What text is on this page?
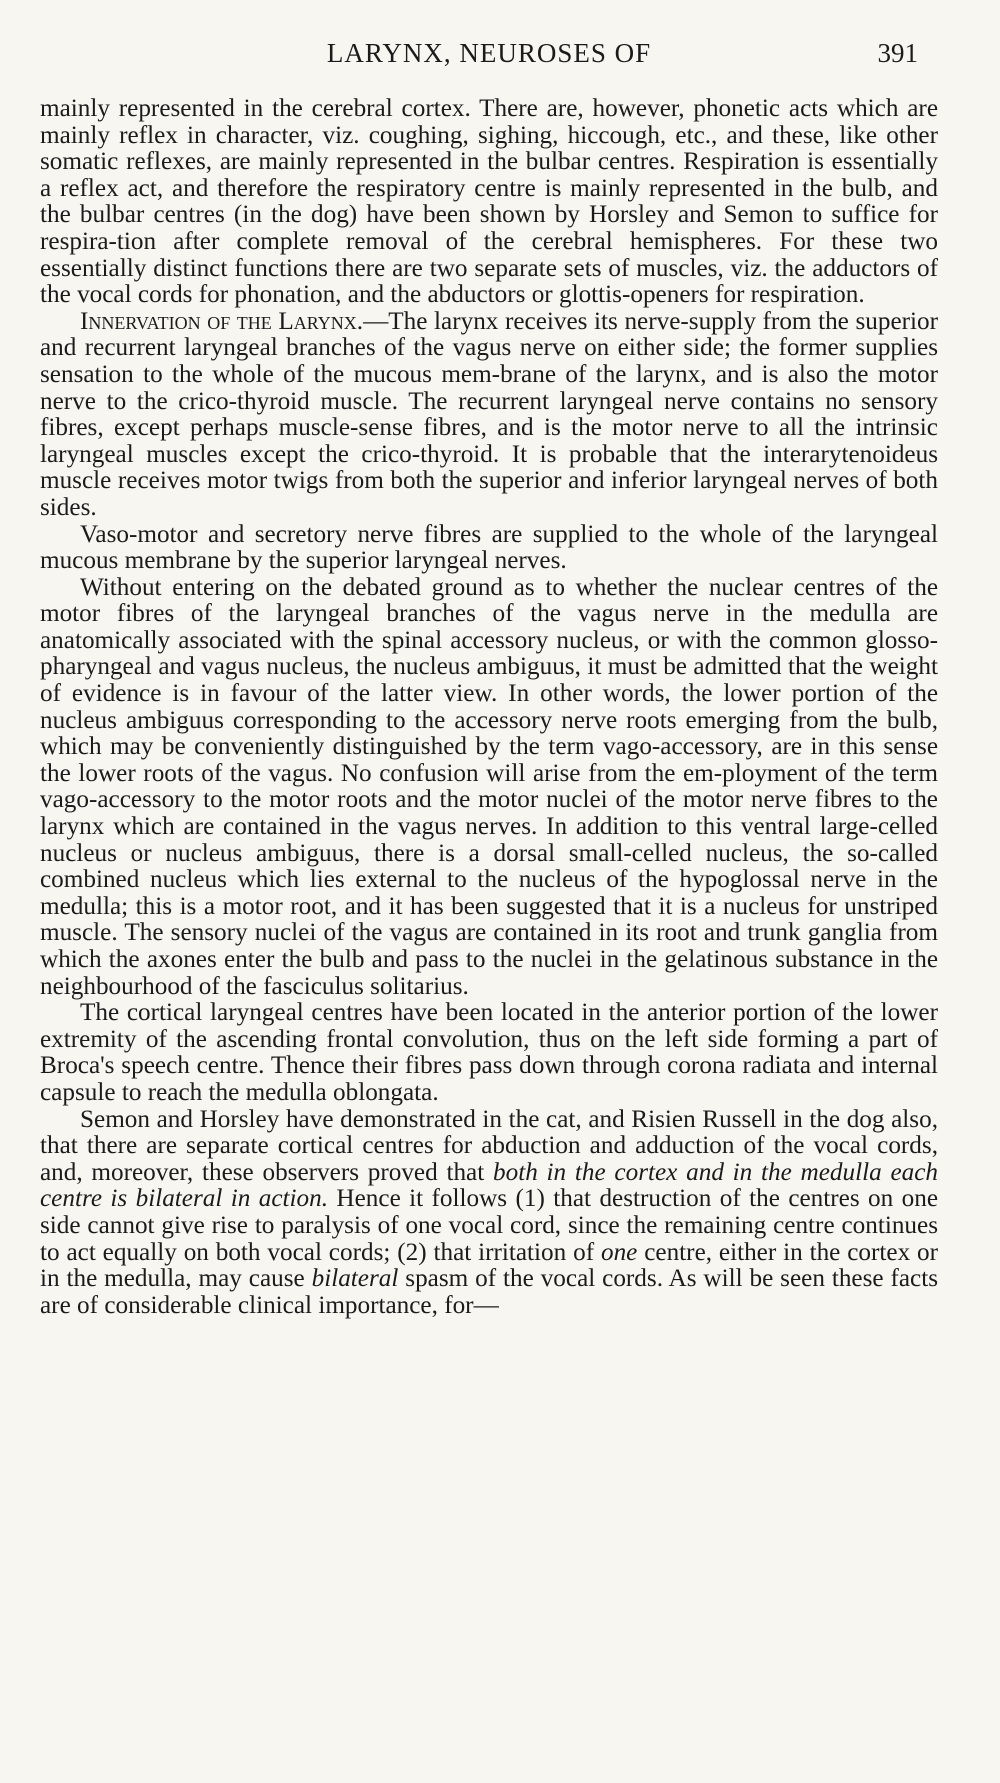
LARYNX, NEUROSES OF	391

mainly represented in the cerebral cortex. There are, however, phonetic acts which are mainly reflex in character, viz. coughing, sighing, hiccough, etc., and these, like other somatic reflexes, are mainly represented in the bulbar centres. Respiration is essentially a reflex act, and therefore the respiratory centre is mainly represented in the bulb, and the bulbar centres (in the dog) have been shown by Horsley and Semon to suffice for respira-tion after complete removal of the cerebral hemispheres. For these two essentially distinct functions there are two separate sets of muscles, viz. the adductors of the vocal cords for phonation, and the abductors or glottis-openers for respiration.

Innervation of the Larynx.—The larynx receives its nerve-supply from the superior and recurrent laryngeal branches of the vagus nerve on either side; the former supplies sensation to the whole of the mucous mem-brane of the larynx, and is also the motor nerve to the crico-thyroid muscle. The recurrent laryngeal nerve contains no sensory fibres, except perhaps muscle-sense fibres, and is the motor nerve to all the intrinsic laryngeal muscles except the crico-thyroid. It is probable that the interarytenoideus muscle receives motor twigs from both the superior and inferior laryngeal nerves of both sides.

Vaso-motor and secretory nerve fibres are supplied to the whole of the laryngeal mucous membrane by the superior laryngeal nerves.

Without entering on the debated ground as to whether the nuclear centres of the motor fibres of the laryngeal branches of the vagus nerve in the medulla are anatomically associated with the spinal accessory nucleus, or with the common glosso-pharyngeal and vagus nucleus, the nucleus ambiguus, it must be admitted that the weight of evidence is in favour of the latter view. In other words, the lower portion of the nucleus ambiguus corresponding to the accessory nerve roots emerging from the bulb, which may be conveniently distinguished by the term vago-accessory, are in this sense the lower roots of the vagus. No confusion will arise from the em-ployment of the term vago-accessory to the motor roots and the motor nuclei of the motor nerve fibres to the larynx which are contained in the vagus nerves. In addition to this ventral large-celled nucleus or nucleus ambiguus, there is a dorsal small-celled nucleus, the so-called combined nucleus which lies external to the nucleus of the hypoglossal nerve in the medulla; this is a motor root, and it has been suggested that it is a nucleus for unstriped muscle. The sensory nuclei of the vagus are contained in its root and trunk ganglia from which the axones enter the bulb and pass to the nuclei in the gelatinous substance in the neighbourhood of the fasciculus solitarius.

The cortical laryngeal centres have been located in the anterior portion of the lower extremity of the ascending frontal convolution, thus on the left side forming a part of Broca's speech centre. Thence their fibres pass down through corona radiata and internal capsule to reach the medulla oblongata.

Semon and Horsley have demonstrated in the cat, and Risien Russell in the dog also, that there are separate cortical centres for abduction and adduction of the vocal cords, and, moreover, these observers proved that both in the cortex and in the medulla each centre is bilateral in action. Hence it follows (1) that destruction of the centres on one side cannot give rise to paralysis of one vocal cord, since the remaining centre continues to act equally on both vocal cords; (2) that irritation of one centre, either in the cortex or in the medulla, may cause bilateral spasm of the vocal cords. As will be seen these facts are of considerable clinical importance, for—
